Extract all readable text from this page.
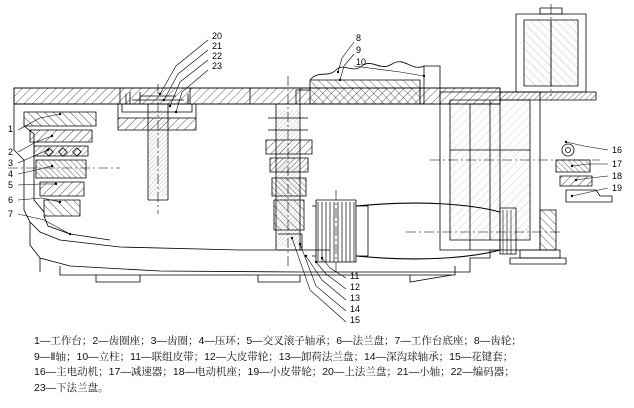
20
21
22
23
8
9
10
1
2
3
4
5
6
7
16
17
18
19
11
12
13
14
15
1—工作台；2—齿圈座；3—齿圈；4—压环；5—交叉滚子轴承；6—法兰盘；7—工作台底座；8—齿轮；
9—Ⅱ轴；10—立柱；11—联组皮带；12—大皮带轮；13—卸荷法兰盘；14—深沟球轴承；15—花键套；
16—主电动机；17—减速器；18—电动机座；19—小皮带轮；20—上法兰盘；21—小轴；22—编码器；
23—下法兰盘。
